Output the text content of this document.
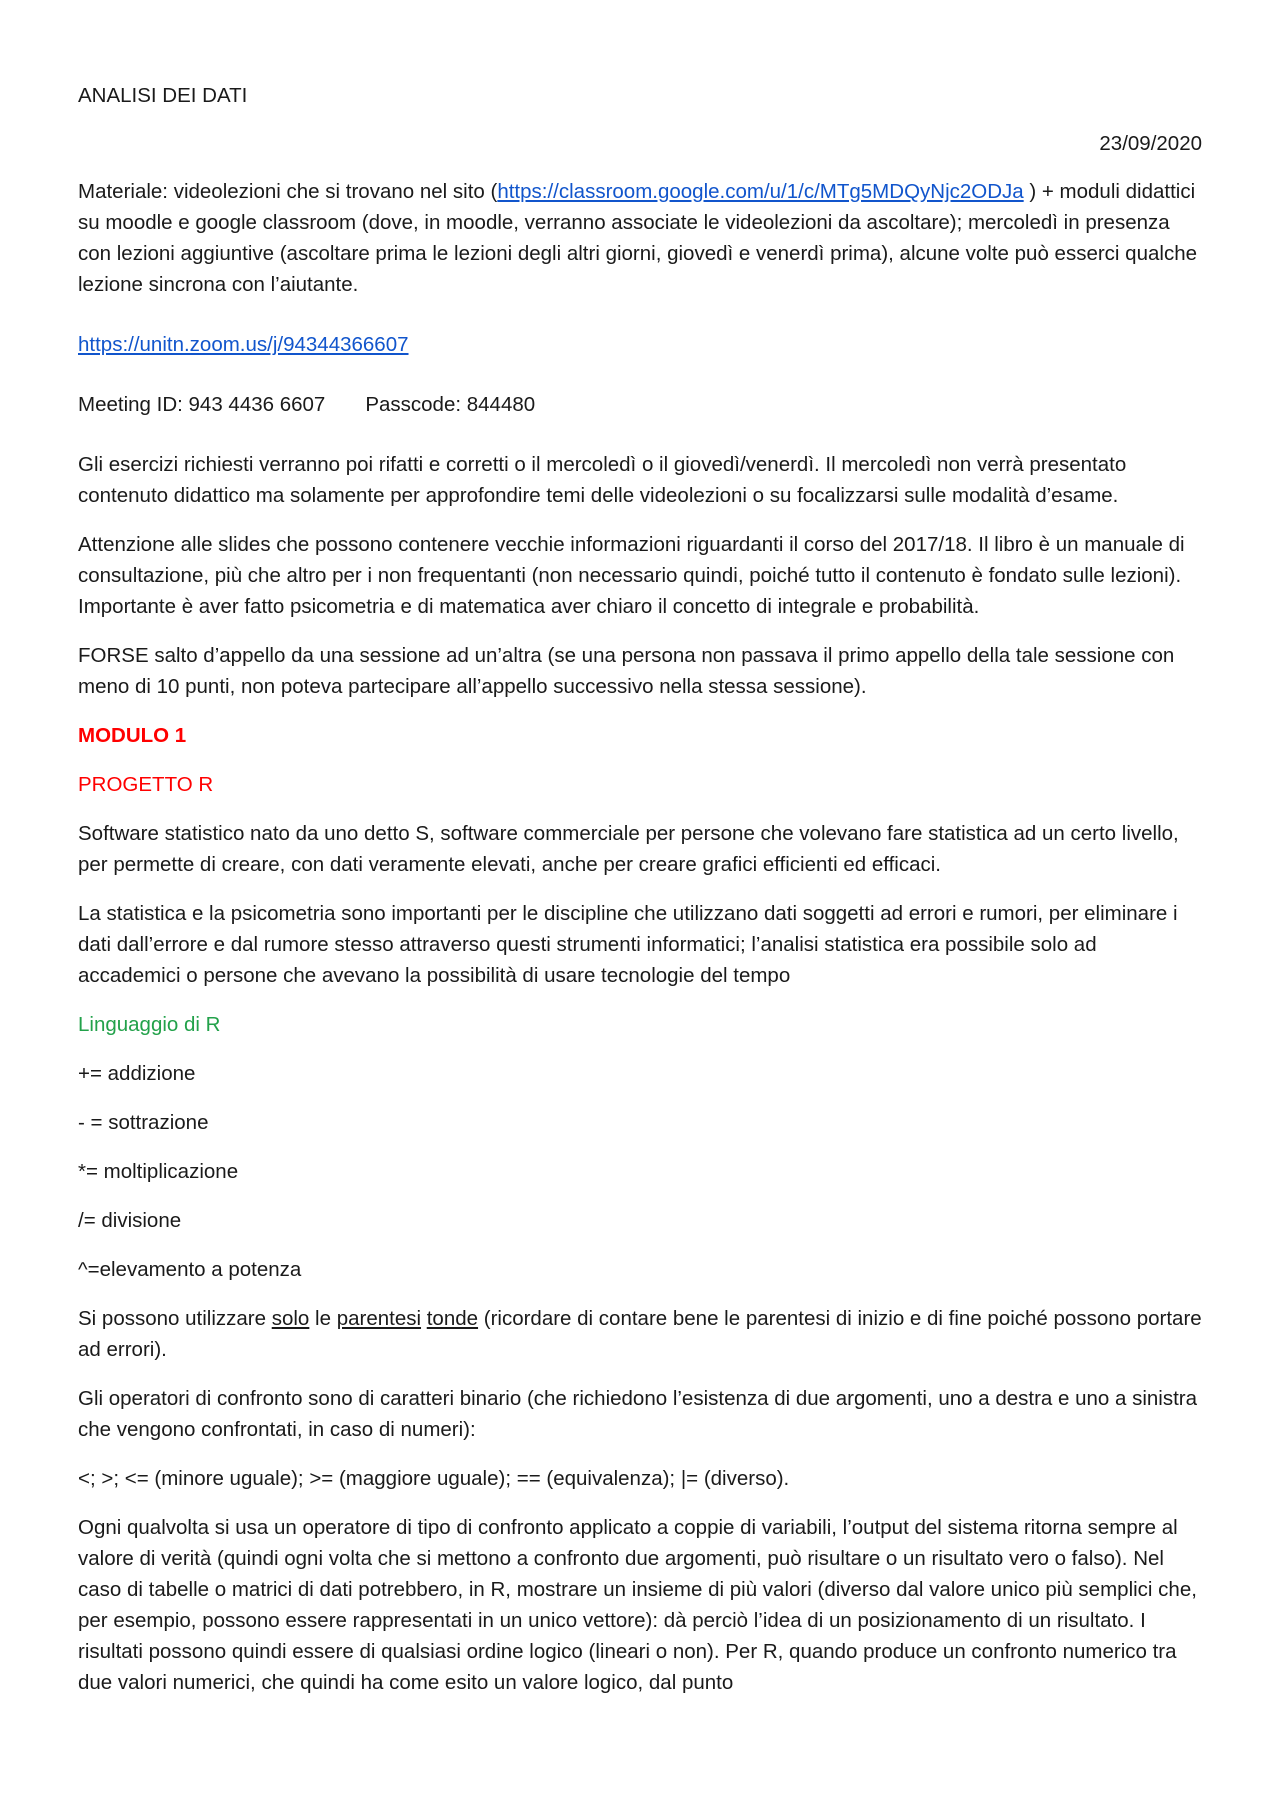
ANALISI DEI DATI

23/09/2020

Materiale: videolezioni che si trovano nel sito (https://classroom.google.com/u/1/c/MTg5MDQyNjc2ODJa ) + moduli didattici su moodle e google classroom (dove, in moodle, verranno associate le videolezioni da ascoltare); mercoledì in presenza con lezioni aggiuntive (ascoltare prima le lezioni degli altri giorni, giovedì e venerdì prima), alcune volte può esserci qualche lezione sincrona con l’aiutante.

https://unitn.zoom.us/j/94344366607

Meeting ID: 943 4436 6607 Passcode: 844480

Gli esercizi richiesti verranno poi rifatti e corretti o il mercoledì o il giovedì/venerdì. Il mercoledì non verrà presentato contenuto didattico ma solamente per approfondire temi delle videolezioni o su focalizzarsi sulle modalità d’esame.

Attenzione alle slides che possono contenere vecchie informazioni riguardanti il corso del 2017/18. Il libro è un manuale di consultazione, più che altro per i non frequentanti (non necessario quindi, poiché tutto il contenuto è fondato sulle lezioni). Importante è aver fatto psicometria e di matematica aver chiaro il concetto di integrale e probabilità.

FORSE salto d’appello da una sessione ad un’altra (se una persona non passava il primo appello della tale sessione con meno di 10 punti, non poteva partecipare all’appello successivo nella stessa sessione).

MODULO 1

PROGETTO R

Software statistico nato da uno detto S, software commerciale per persone che volevano fare statistica ad un certo livello, per permette di creare, con dati veramente elevati, anche per creare grafici efficienti ed efficaci.

La statistica e la psicometria sono importanti per le discipline che utilizzano dati soggetti ad errori e rumori, per eliminare i dati dall’errore e dal rumore stesso attraverso questi strumenti informatici; l’analisi statistica era possibile solo ad accademici o persone che avevano la possibilità di usare tecnologie del tempo

Linguaggio di R

+= addizione

- = sottrazione

*= moltiplicazione

/= divisione

^=elevamento a potenza

Si possono utilizzare solo le parentesi tonde (ricordare di contare bene le parentesi di inizio e di fine poiché possono portare ad errori).

Gli operatori di confronto sono di caratteri binario (che richiedono l’esistenza di due argomenti, uno a destra e uno a sinistra che vengono confrontati, in caso di numeri):

<; >; <= (minore uguale); >= (maggiore uguale); == (equivalenza); |= (diverso).

Ogni qualvolta si usa un operatore di tipo di confronto applicato a coppie di variabili, l’output del sistema ritorna sempre al valore di verità (quindi ogni volta che si mettono a confronto due argomenti, può risultare o un risultato vero o falso). Nel caso di tabelle o matrici di dati potrebbero, in R, mostrare un insieme di più valori (diverso dal valore unico più semplici che, per esempio, possono essere rappresentati in un unico vettore): dà perciò l’idea di un posizionamento di un risultato. I risultati possono quindi essere di qualsiasi ordine logico (lineari o non). Per R, quando produce un confronto numerico tra due valori numerici, che quindi ha come esito un valore logico, dal punto
